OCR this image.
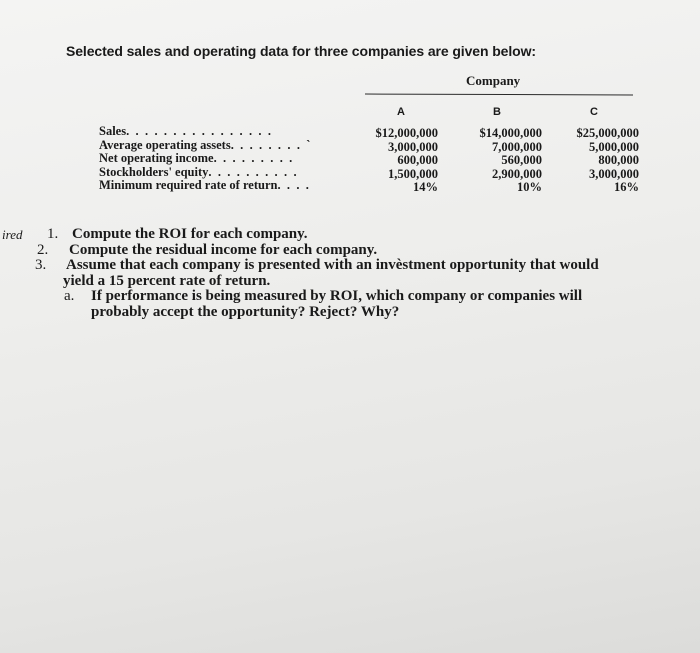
Selected sales and operating data for three companies are given below:
Company
A	B	C
Sales. . . . . . . . . . . . . . . .
Average operating assets. . . . . . . . `
Net operating income. . . . . . . . .
Stockholders' equity. . . . . . . . . .
Minimum required rate of return. . . .
$12,000,000
3,000,000
600,000
1,500,000
14%
$14,000,000
7,000,000
560,000
2,900,000
10%
$25,000,000
5,000,000
800,000
3,000,000
16%
ired 1. Compute the ROI for each company.
2. Compute the residual income for each company.
3. Assume that each company is presented with an invèstment opportunity that would
yield a 15 percent rate of return.
a. If performance is being measured by ROI, which company or companies will
probably accept the opportunity? Reject? Why?
